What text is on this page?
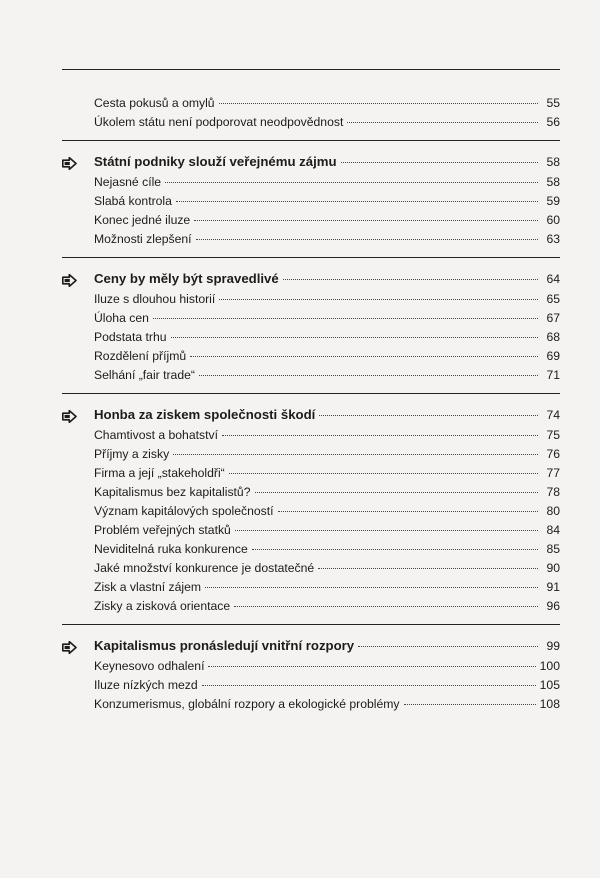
Cesta pokusů a omylů	55
Úkolem státu není podporovat neodpovědnost	56
Státní podniky slouží veřejnému zájmu	58
Nejasné cíle	58
Slabá kontrola	59
Konec jedné iluze	60
Možnosti zlepšení	63
Ceny by měly být spravedlivé	64
Iluze s dlouhou historií	65
Úloha cen	67
Podstata trhu	68
Rozdělení příjmů	69
Selhání „fair trade“	71
Honba za ziskem společnosti škodí	74
Chamtivost a bohatství	75
Příjmy a zisky	76
Firma a její „stakeholdři“	77
Kapitalismus bez kapitalistů?	78
Význam kapitálových společností	80
Problém veřejných statků	84
Neviditelná ruka konkurence	85
Jaké množství konkurence je dostatečné	90
Zisk a vlastní zájem	91
Zisky a zisková orientace	96
Kapitalismus pronásledují vnitřní rozpory	99
Keynesovo odhalení	100
Iluze nízkých mezd	105
Konzumerismus, globální rozpory a ekologické problémy	108
